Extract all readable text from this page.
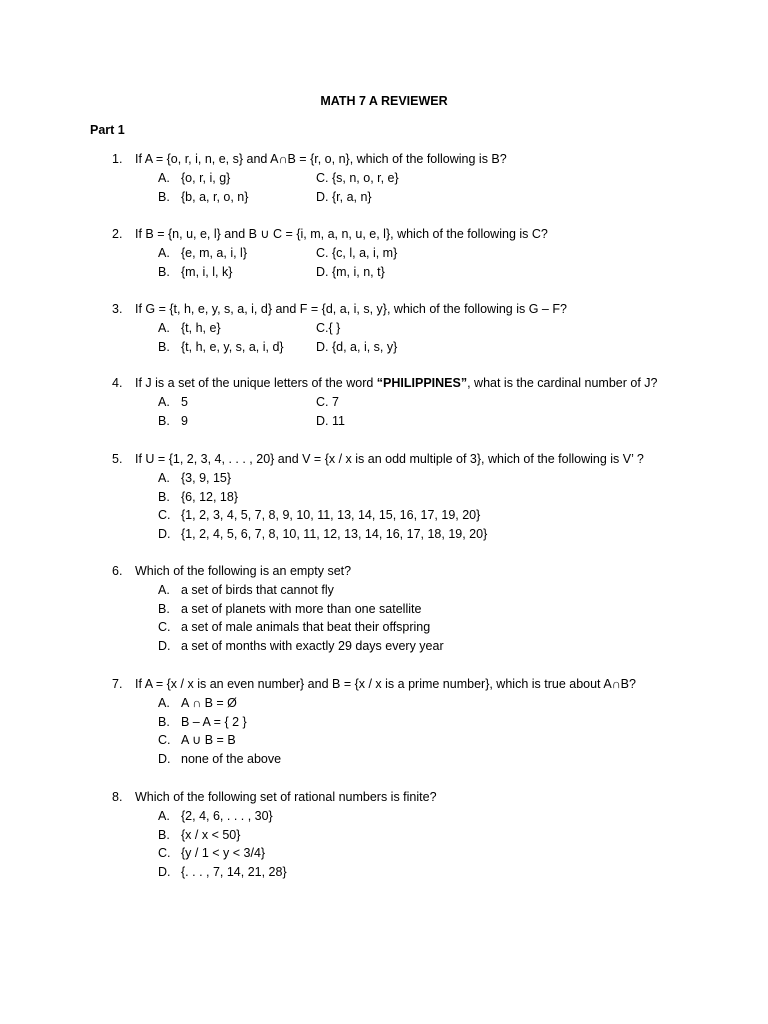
MATH 7 A REVIEWER
Part 1
1. If A = {o, r, i, n, e, s} and A∩B = {r, o, n}, which of the following is B?
A. {o, r, i, g}	C. {s, n, o, r, e}
B. {b, a, r, o, n}	D. {r, a, n}
2. If B = {n, u, e, l} and B ∪ C = {i, m, a, n, u, e, l}, which of the following is C?
A. {e, m, a, i, l}	C. {c, l, a, i, m}
B. {m, i, l, k}	D. {m, i, n, t}
3. If G = {t, h, e, y, s, a, i, d} and F = {d, a, i, s, y}, which of the following is G – F?
A. {t, h, e}	C.{ }
B. {t, h, e, y, s, a, i, d}	D. {d, a, i, s, y}
4. If J is a set of the unique letters of the word “PHILIPPINES”, what is the cardinal number of J?
A. 5	C. 7
B. 9	D. 11
5. If U = {1, 2, 3, 4, . . . , 20} and V = {x / x is an odd multiple of 3}, which of the following is V’ ?
A. {3, 9, 15}
B. {6, 12, 18}
C. {1, 2, 3, 4, 5, 7, 8, 9, 10, 11, 13, 14, 15, 16, 17, 19, 20}
D. {1, 2, 4, 5, 6, 7, 8, 10, 11, 12, 13, 14, 16, 17, 18, 19, 20}
6. Which of the following is an empty set?
A. a set of birds that cannot fly
B. a set of planets with more than one satellite
C. a set of male animals that beat their offspring
D. a set of months with exactly 29 days every year
7. If A = {x / x is an even number} and B = {x / x is a prime number}, which is true about A∩B?
A. A ∩ B = Ø
B. B – A = { 2 }
C. A ∪ B = B
D. none of the above
8. Which of the following set of rational numbers is finite?
A. {2, 4, 6, . . . , 30}
B. {x / x < 50}
C. {y / 1 < y < 3/4}
D. {. . . , 7, 14, 21, 28}
